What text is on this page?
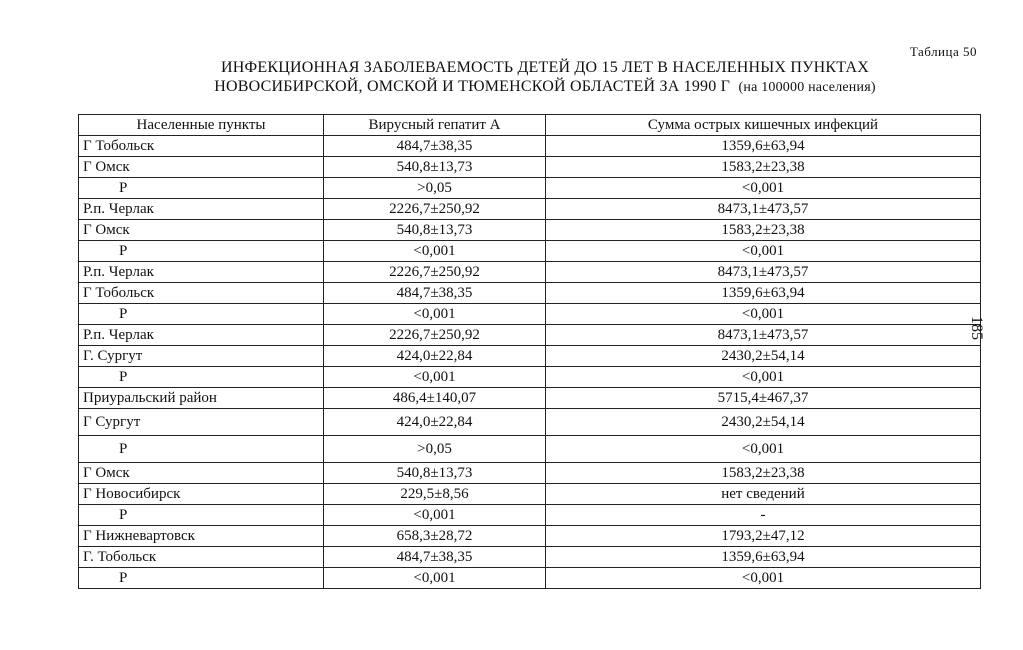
Таблица 50
ИНФЕКЦИОННАЯ ЗАБОЛЕВАЕМОСТЬ ДЕТЕЙ ДО 15 ЛЕТ В НАСЕЛЕННЫХ ПУНКТАХ
НОВОСИБИРСКОЙ, ОМСКОЙ И ТЮМЕНСКОЙ ОБЛАСТЕЙ ЗА 1990 Г (на 100000 населения)
185
Населенные пункты	Вирусный гепатит А	Сумма острых кишечных инфекций
Г Тобольск	484,7±38,35	1359,6±63,94
Г Омск	540,8±13,73	1583,2±23,38
Р	>0,05	<0,001
Р.п. Черлак	2226,7±250,92	8473,1±473,57
Г Омск	540,8±13,73	1583,2±23,38
Р	<0,001	<0,001
Р.п. Черлак	2226,7±250,92	8473,1±473,57
Г Тобольск	484,7±38,35	1359,6±63,94
Р	<0,001	<0,001
Р.п. Черлак	2226,7±250,92	8473,1±473,57
Г. Сургут	424,0±22,84	2430,2±54,14
Р	<0,001	<0,001
Приуральский район	486,4±140,07	5715,4±467,37
Г Сургут	424,0±22,84	2430,2±54,14
Р	>0,05	<0,001
Г Омск	540,8±13,73	1583,2±23,38
Г Новосибирск	229,5±8,56	нет сведений
Р	<0,001	-
Г Нижневартовск	658,3±28,72	1793,2±47,12
Г. Тобольск	484,7±38,35	1359,6±63,94
Р	<0,001	<0,001
